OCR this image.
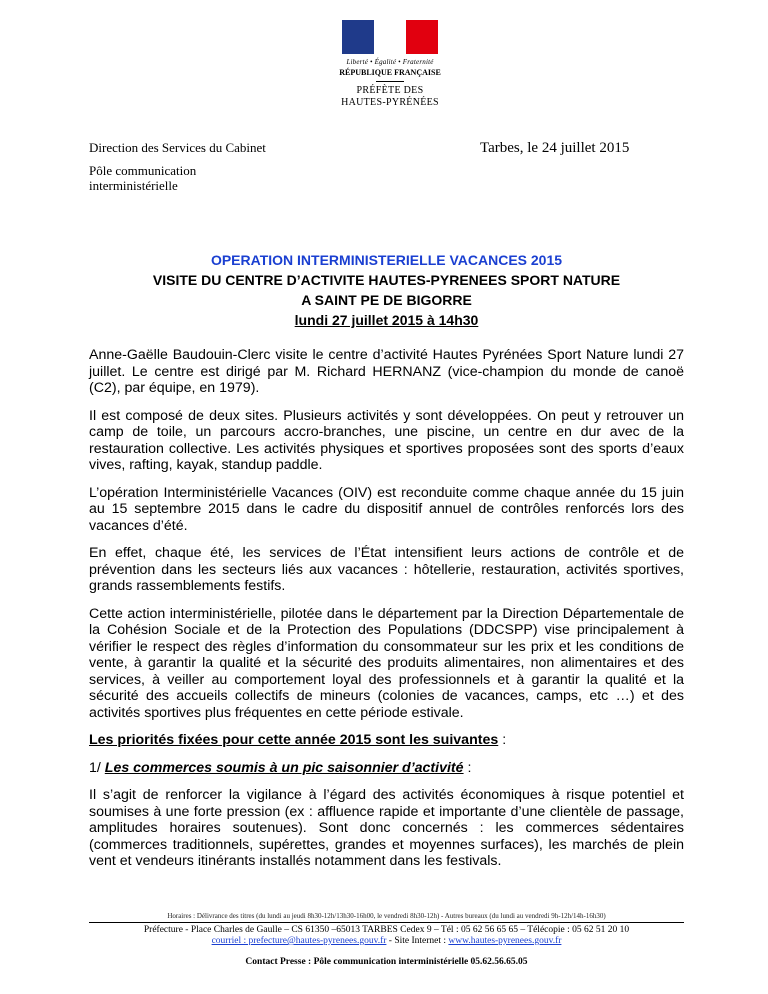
Liberté • Égalité • Fraternité
RÉPUBLIQUE FRANÇAISE
PRÉFÈTE DES
HAUTES-PYRÉNÉES
Direction des Services du Cabinet
Pôle communication
interministérielle
Tarbes, le 24 juillet 2015
OPERATION INTERMINISTERIELLE VACANCES 2015
VISITE DU CENTRE D’ACTIVITE HAUTES-PYRENEES SPORT NATURE
A SAINT PE DE BIGORRE
lundi 27 juillet 2015 à 14h30

Anne-Gaëlle Baudouin-Clerc visite le centre d’activité Hautes Pyrénées Sport Nature lundi 27 juillet. Le centre est dirigé par M. Richard HERNANZ (vice-champion du monde de canoë (C2), par équipe, en 1979).

Il est composé de deux sites. Plusieurs activités y sont développées. On peut y retrouver un camp de toile, un parcours accro-branches, une piscine, un centre en dur avec de la restauration collective. Les activités physiques et sportives proposées sont des sports d’eaux vives, rafting, kayak, standup paddle.

L’opération Interministérielle Vacances (OIV) est reconduite comme chaque année du 15 juin au 15 septembre 2015 dans le cadre du dispositif annuel de contrôles renforcés lors des vacances d’été.

En effet, chaque été, les services de l’État intensifient leurs actions de contrôle et de prévention dans les secteurs liés aux vacances : hôtellerie, restauration, activités sportives, grands rassemblements festifs.

Cette action interministérielle, pilotée dans le département par la Direction Départementale de la Cohésion Sociale et de la Protection des Populations (DDCSPP) vise principalement à vérifier le respect des règles d’information du consommateur sur les prix et les conditions de vente, à garantir la qualité et la sécurité des produits alimentaires, non alimentaires et des services, à veiller au comportement loyal des professionnels et à garantir la qualité et la sécurité des accueils collectifs de mineurs (colonies de vacances, camps, etc …) et des activités sportives plus fréquentes en cette période estivale.

Les priorités fixées pour cette année 2015 sont les suivantes :

1/ Les commerces soumis à un pic saisonnier d’activité :

Il s’agit de renforcer la vigilance à l’égard des activités économiques à risque potentiel et soumises à une forte pression (ex : affluence rapide et importante d’une clientèle de passage, amplitudes horaires soutenues). Sont donc concernés : les commerces sédentaires (commerces traditionnels, supérettes, grandes et moyennes surfaces), les marchés de plein vent et vendeurs itinérants installés notamment dans les festivals.

Horaires : Délivrance des titres (du lundi au jeudi 8h30-12h/13h30-16h00, le vendredi 8h30-12h) - Autres bureaux (du lundi au vendredi 9h-12h/14h-16h30)
Préfecture - Place Charles de Gaulle – CS 61350 –65013 TARBES Cedex 9 – Tél : 05 62 56 65 65 – Télécopie : 05 62 51 20 10
courriel : prefecture@hautes-pyrenees.gouv.fr - Site Internet : www.hautes-pyrenees.gouv.fr
Contact Presse : Pôle communication interministérielle 05.62.56.65.05
